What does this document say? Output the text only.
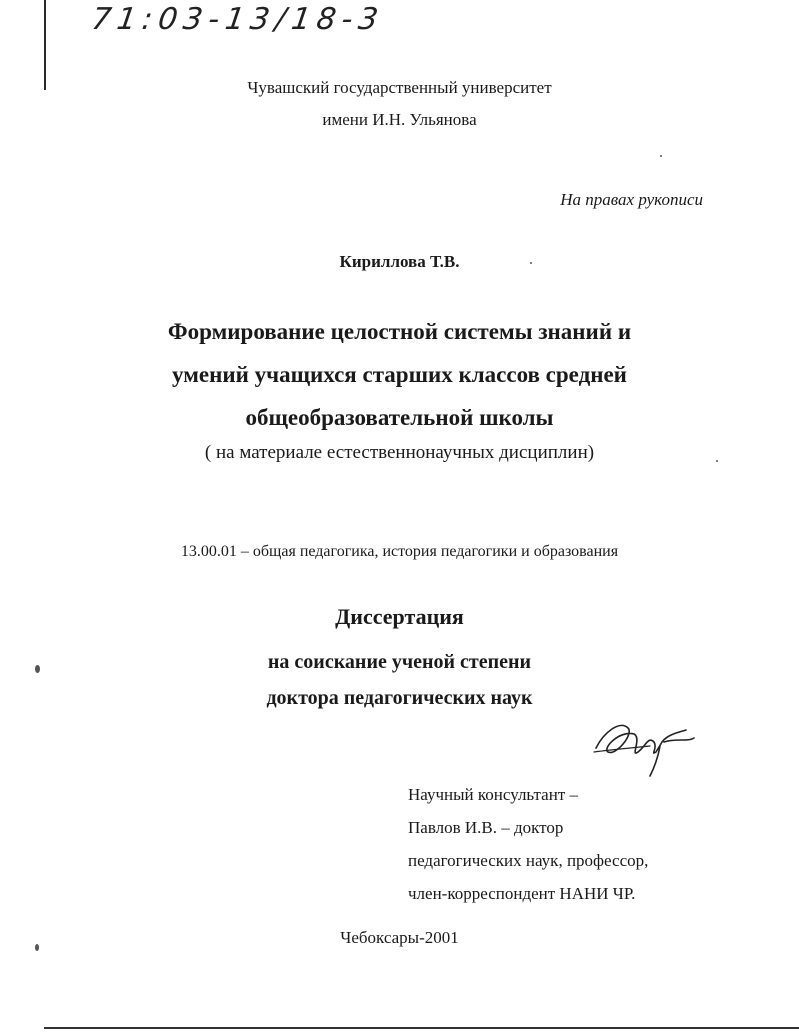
71:03-13/18-3
Чувашский государственный университет
имени И.Н. Ульянова
На правах рукописи
Кириллова Т.В.
Формирование целостной системы знаний и
умений учащихся старших классов средней
общеобразовательной школы
( на материале естественнонаучных дисциплин)
13.00.01 – общая педагогика, история педагогики и образования
Диссертация
на соискание ученой степени
доктора педагогических наук
Научный консультант –
Павлов И.В. – доктор
педагогических наук, профессор,
член-корреспондент НАНИ ЧР.
Чебоксары-2001
